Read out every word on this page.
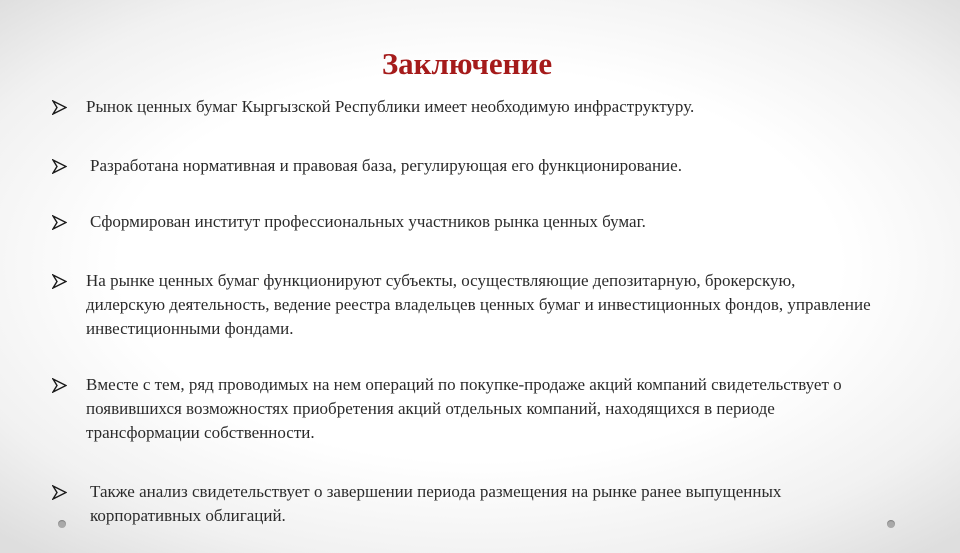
Заключение
Рынок ценных бумаг Кыргызской Республики имеет необходимую инфраструктуру.
Разработана нормативная и правовая база, регулирующая его функционирование.
Сформирован институт профессиональных участников рынка ценных бумаг.
На рынке ценных бумаг функционируют субъекты, осуществляющие депозитарную, брокерскую, дилерскую деятельность, ведение реестра владельцев ценных бумаг и инвестиционных фондов, управление инвестиционными фондами.
Вместе с тем, ряд проводимых на нем операций по покупке-продаже акций компаний свидетельствует о появившихся возможностях приобретения акций отдельных компаний, находящихся в периоде трансформации собственности.
Также анализ свидетельствует о завершении периода размещения на рынке ранее выпущенных корпоративных облигаций.
